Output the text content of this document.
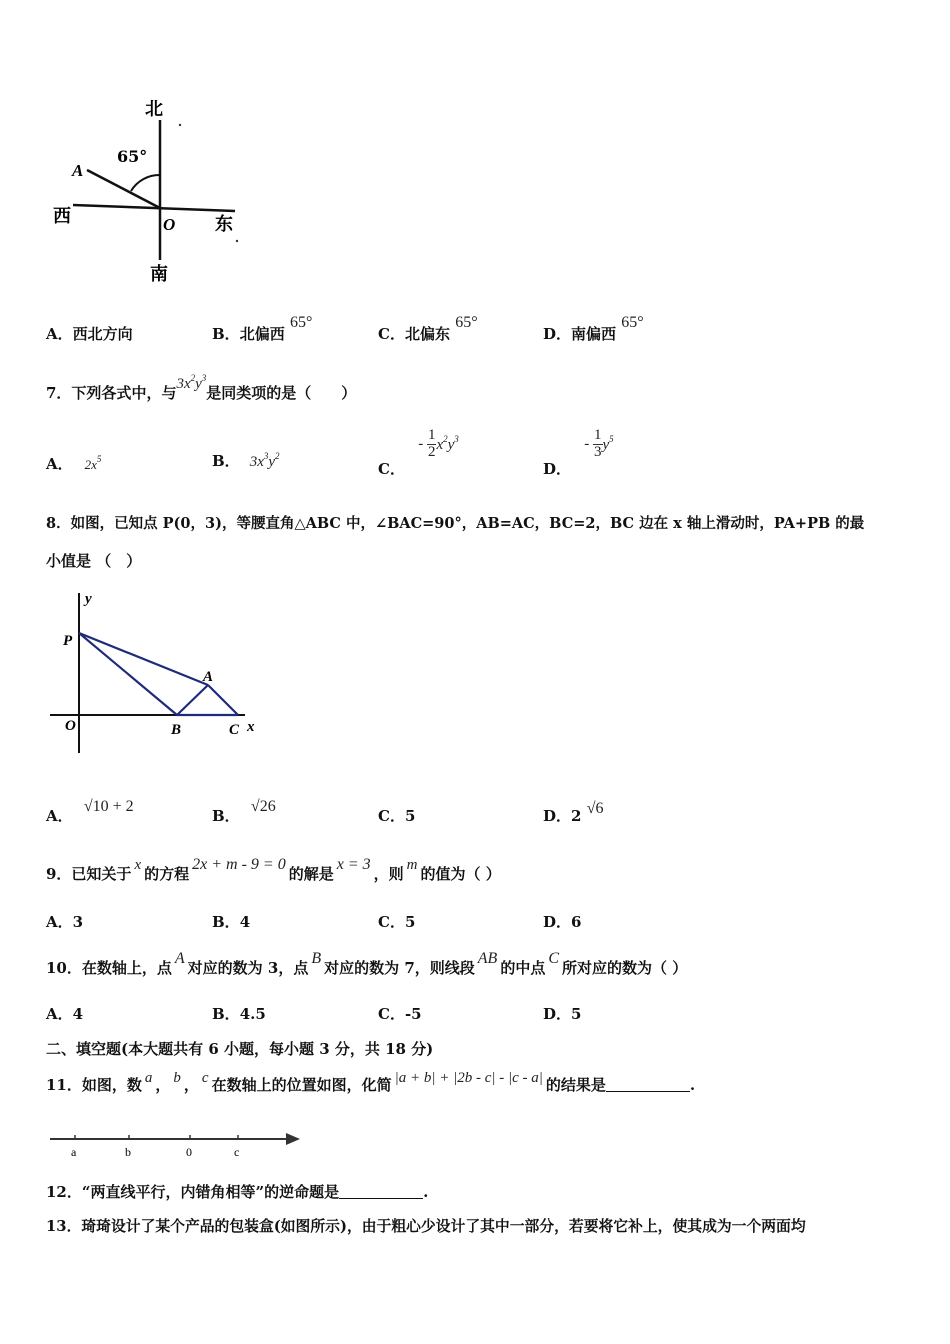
北
南
西	东
65°
A
O
A．西北方向	B．北偏西 65°
C．北偏东 65°
D．南偏西 65°
7．下列各式中，与$3x^2y^3$是同类项的是（　　）
A． $2x^5$	B． $3x^3y^2$
C．
- $\frac{1}{2} x^2y^3$
D．
- $\frac{1}{3} y^5$
8．如图，已知点 P(0，3)，等腰直角△ABC 中，∠BAC=90°，AB=AC，BC=2，BC 边在 x 轴上滑动时，PA+PB 的最
小值是 （　）
y
x
P
A
O	B	C
A． √10 + 2
B． √26
C．5	D．2 √6
9．已知关于 x 的方程2x + m - 9 = 0的解是x = 3，则 m 的值为（ ）
A．3	B．4	C．5	D．6
10．在数轴上，点A对应的数为 3，点B对应的数为 7，则线段AB的中点C所对应的数为（ ）
A．4	B．4.5	C．-5	D．5
二、填空题(本大题共有 6 小题，每小题 3 分，共 18 分)
11．如图，数 a ， b ， c 在数轴上的位置如图，化简 |a + b| + |2b - c| - |c - a| 的结果是	.
a	b	0	c
12．“两直线平行，内错角相等”的逆命题是	.
13．琦琦设计了某个产品的包装盒(如图所示)，由于粗心少设计了其中一部分，若要将它补上，使其成为一个两面均
